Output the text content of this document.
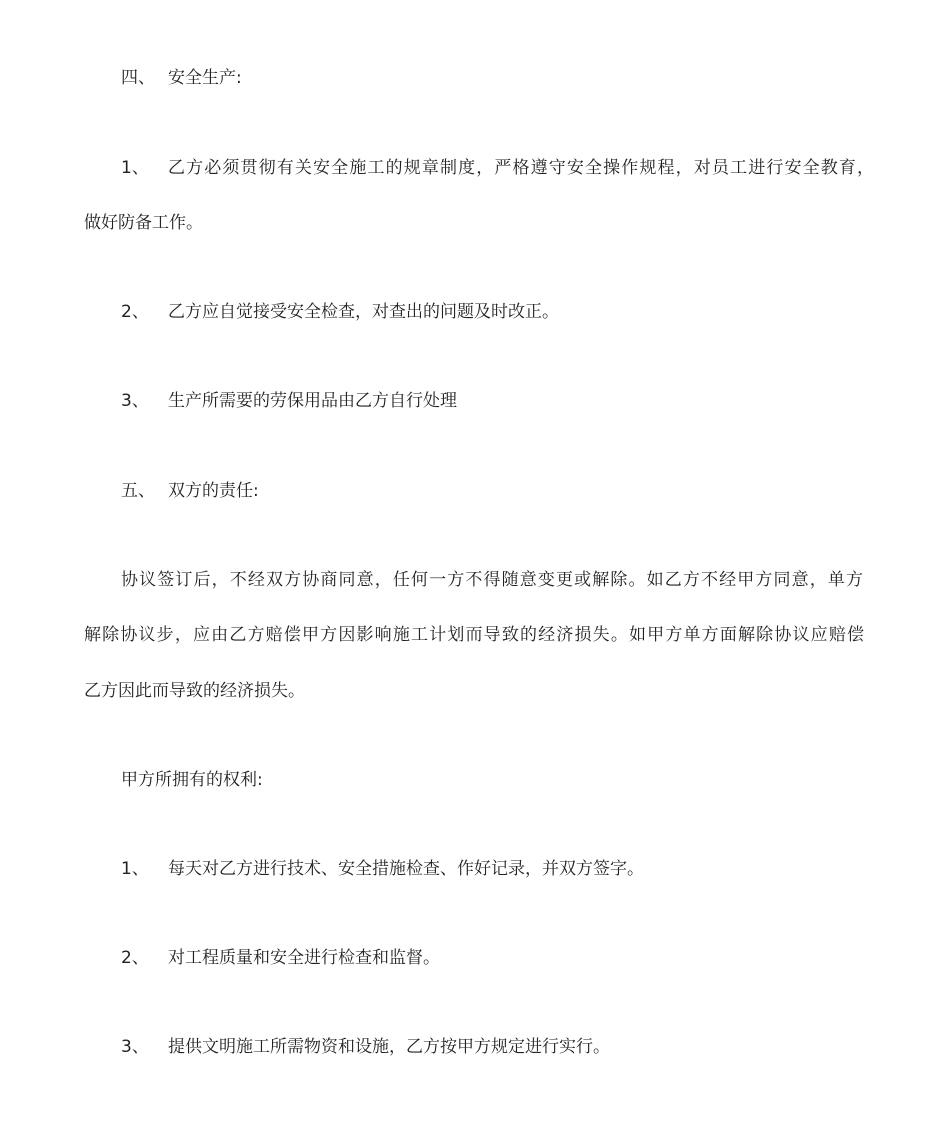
四、 安全生产:
1、 乙方必须贯彻有关安全施工的规章制度，严格遵守安全操作规程，对员工进行安全教育，
做好防备工作。
2、 乙方应自觉接受安全检查，对查出的问题及时改正。
3、 生产所需要的劳保用品由乙方自行处理
五、 双方的责任:
协议签订后，不经双方协商同意，任何一方不得随意变更或解除。如乙方不经甲方同意，单方
解除协议步，应由乙方赔偿甲方因影响施工计划而导致的经济损失。如甲方单方面解除协议应赔偿
乙方因此而导致的经济损失。
甲方所拥有的权利:
1、 每天对乙方进行技术、安全措施检查、作好记录，并双方签字。
2、 对工程质量和安全进行检查和监督。
3、 提供文明施工所需物资和设施，乙方按甲方规定进行实行。
